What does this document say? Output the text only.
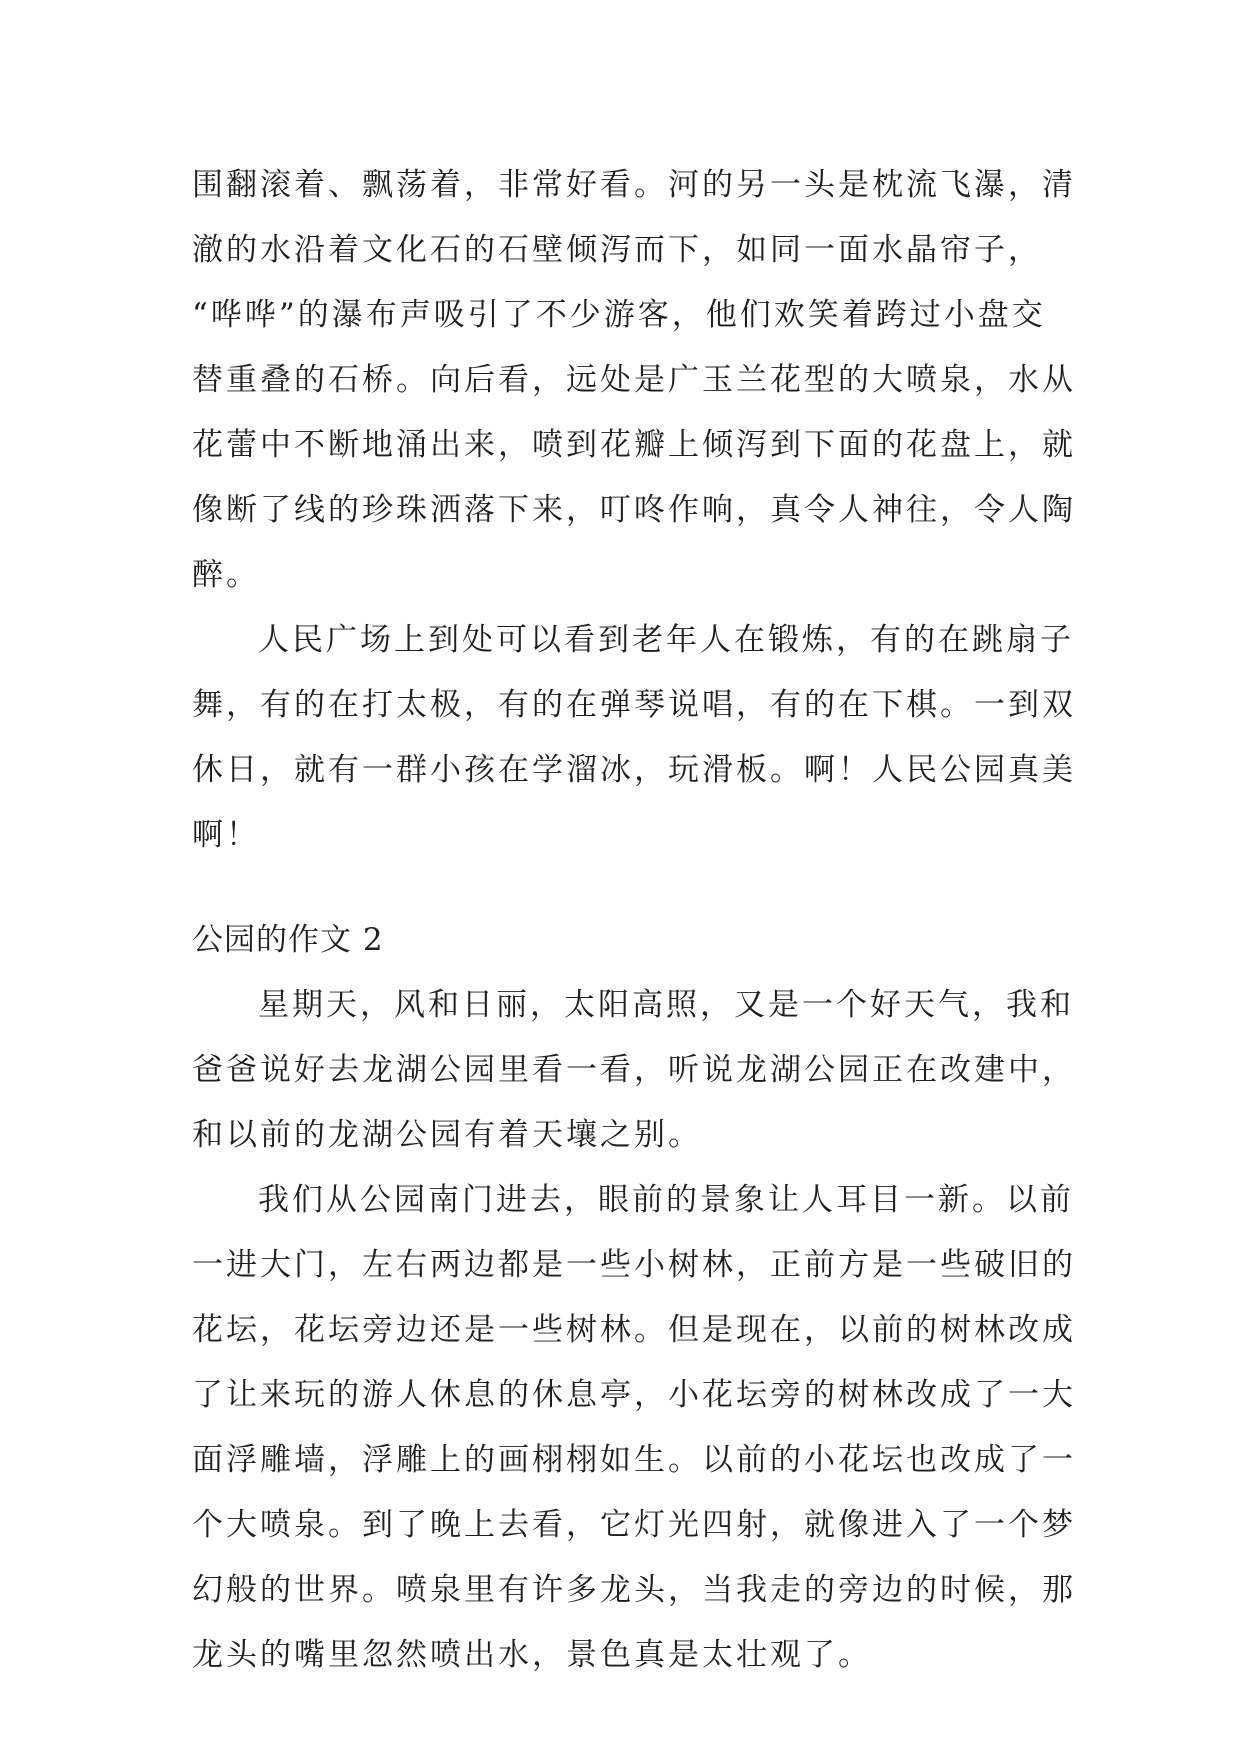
围翻滚着、飘荡着，非常好看。河的另一头是枕流飞瀑，清
澈的水沿着文化石的石壁倾泻而下，如同一面水晶帘子，
“哗哗”的瀑布声吸引了不少游客，他们欢笑着跨过小盘交
替重叠的石桥。向后看，远处是广玉兰花型的大喷泉，水从
花蕾中不断地涌出来，喷到花瓣上倾泻到下面的花盘上，就
像断了线的珍珠洒落下来，叮咚作响，真令人神往，令人陶
醉。
人民广场上到处可以看到老年人在锻炼，有的在跳扇子
舞，有的在打太极，有的在弹琴说唱，有的在下棋。一到双
休日，就有一群小孩在学溜冰，玩滑板。啊！人民公园真美
啊！
公园的作文 2
星期天，风和日丽，太阳高照，又是一个好天气，我和
爸爸说好去龙湖公园里看一看，听说龙湖公园正在改建中，
和以前的龙湖公园有着天壤之别。
我们从公园南门进去，眼前的景象让人耳目一新。以前
一进大门，左右两边都是一些小树林，正前方是一些破旧的
花坛，花坛旁边还是一些树林。但是现在，以前的树林改成
了让来玩的游人休息的休息亭，小花坛旁的树林改成了一大
面浮雕墙，浮雕上的画栩栩如生。以前的小花坛也改成了一
个大喷泉。到了晚上去看，它灯光四射，就像进入了一个梦
幻般的世界。喷泉里有许多龙头，当我走的旁边的时候，那
龙头的嘴里忽然喷出水，景色真是太壮观了。
